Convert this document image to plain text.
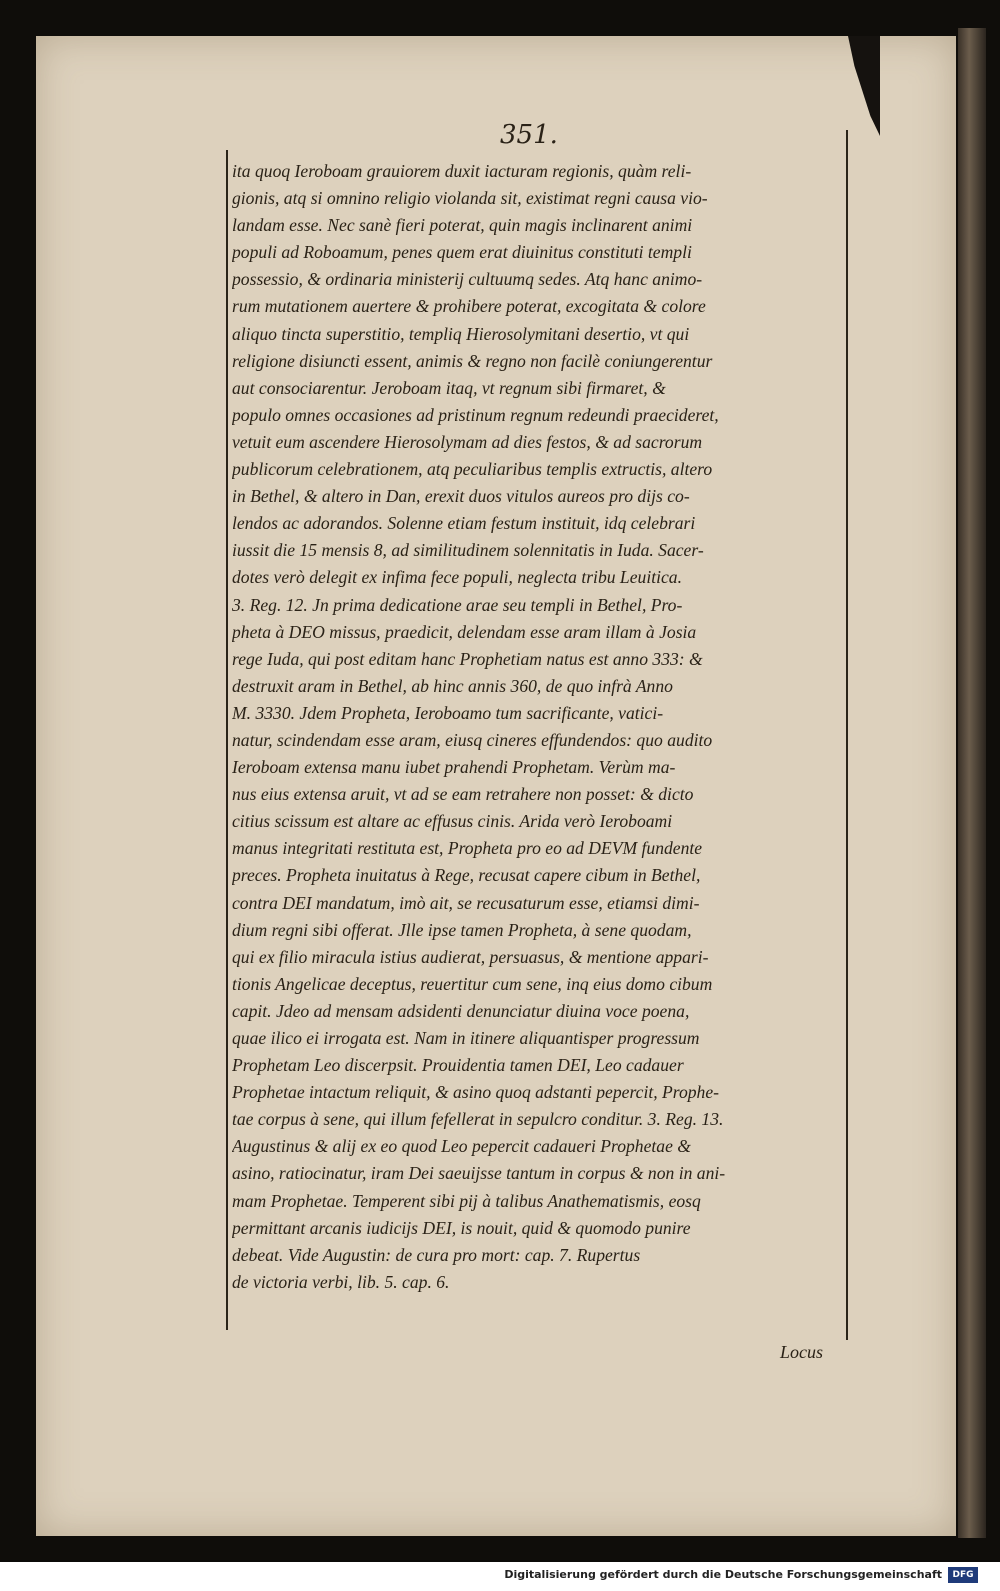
351.
ita quoq Ieroboam grauiorem duxit iacturam regionis, quàm reli-
gionis, atq si omnino religio violanda sit, existimat regni causa vio-
landam esse. Nec sanè fieri poterat, quin magis inclinarent animi
populi ad Roboamum, penes quem erat diuinitus constituti templi
possessio, & ordinaria ministerij cultuumq sedes. Atq hanc animo-
rum mutationem auertere & prohibere poterat, excogitata & colore
aliquo tincta superstitio, templiq Hierosolymitani desertio, vt qui
religione disiuncti essent, animis & regno non facilè coniungerentur
aut consociarentur. Jeroboam itaq, vt regnum sibi firmaret, &
populo omnes occasiones ad pristinum regnum redeundi praecideret,
vetuit eum ascendere Hierosolymam ad dies festos, & ad sacrorum
publicorum celebrationem, atq peculiaribus templis extructis, altero
in Bethel, & altero in Dan, erexit duos vitulos aureos pro dijs co-
lendos ac adorandos. Solenne etiam festum instituit, idq celebrari
iussit die 15 mensis 8, ad similitudinem solennitatis in Iuda. Sacer-
dotes verò delegit ex infima fece populi, neglecta tribu Leuitica.
3. Reg. 12. Jn prima dedicatione arae seu templi in Bethel, Pro-
pheta à DEO missus, praedicit, delendam esse aram illam à Josia
rege Iuda, qui post editam hanc Prophetiam natus est anno 333: &
destruxit aram in Bethel, ab hinc annis 360, de quo infrà Anno
M. 3330. Jdem Propheta, Ieroboamo tum sacrificante, vatici-
natur, scindendam esse aram, eiusq cineres effundendos: quo audito
Ieroboam extensa manu iubet prahendi Prophetam. Verùm ma-
nus eius extensa aruit, vt ad se eam retrahere non posset: & dicto
citius scissum est altare ac effusus cinis. Arida verò Ieroboami
manus integritati restituta est, Propheta pro eo ad DEVM fundente
preces. Propheta inuitatus à Rege, recusat capere cibum in Bethel,
contra DEI mandatum, imò ait, se recusaturum esse, etiamsi dimi-
dium regni sibi offerat. Jlle ipse tamen Propheta, à sene quodam,
qui ex filio miracula istius audierat, persuasus, & mentione appari-
tionis Angelicae deceptus, reuertitur cum sene, inq eius domo cibum
capit. Jdeo ad mensam adsidenti denunciatur diuina voce poena,
quae ilico ei irrogata est. Nam in itinere aliquantisper progressum
Prophetam Leo discerpsit. Prouidentia tamen DEI, Leo cadauer
Prophetae intactum reliquit, & asino quoq adstanti pepercit, Prophe-
tae corpus à sene, qui illum fefellerat in sepulcro conditur. 3. Reg. 13.
Augustinus & alij ex eo quod Leo pepercit cadaueri Prophetae &
asino, ratiocinatur, iram Dei saeuijsse tantum in corpus & non in ani-
mam Prophetae. Temperent sibi pij à talibus Anathematismis, eosq
permittant arcanis iudicijs DEI, is nouit, quid & quomodo punire
debeat. Vide Augustin: de cura pro mort: cap. 7. Rupertus
de victoria verbi, lib. 5. cap. 6.
Locus
Digitalisierung gefördert durch die Deutsche Forschungsgemeinschaft	DFG
